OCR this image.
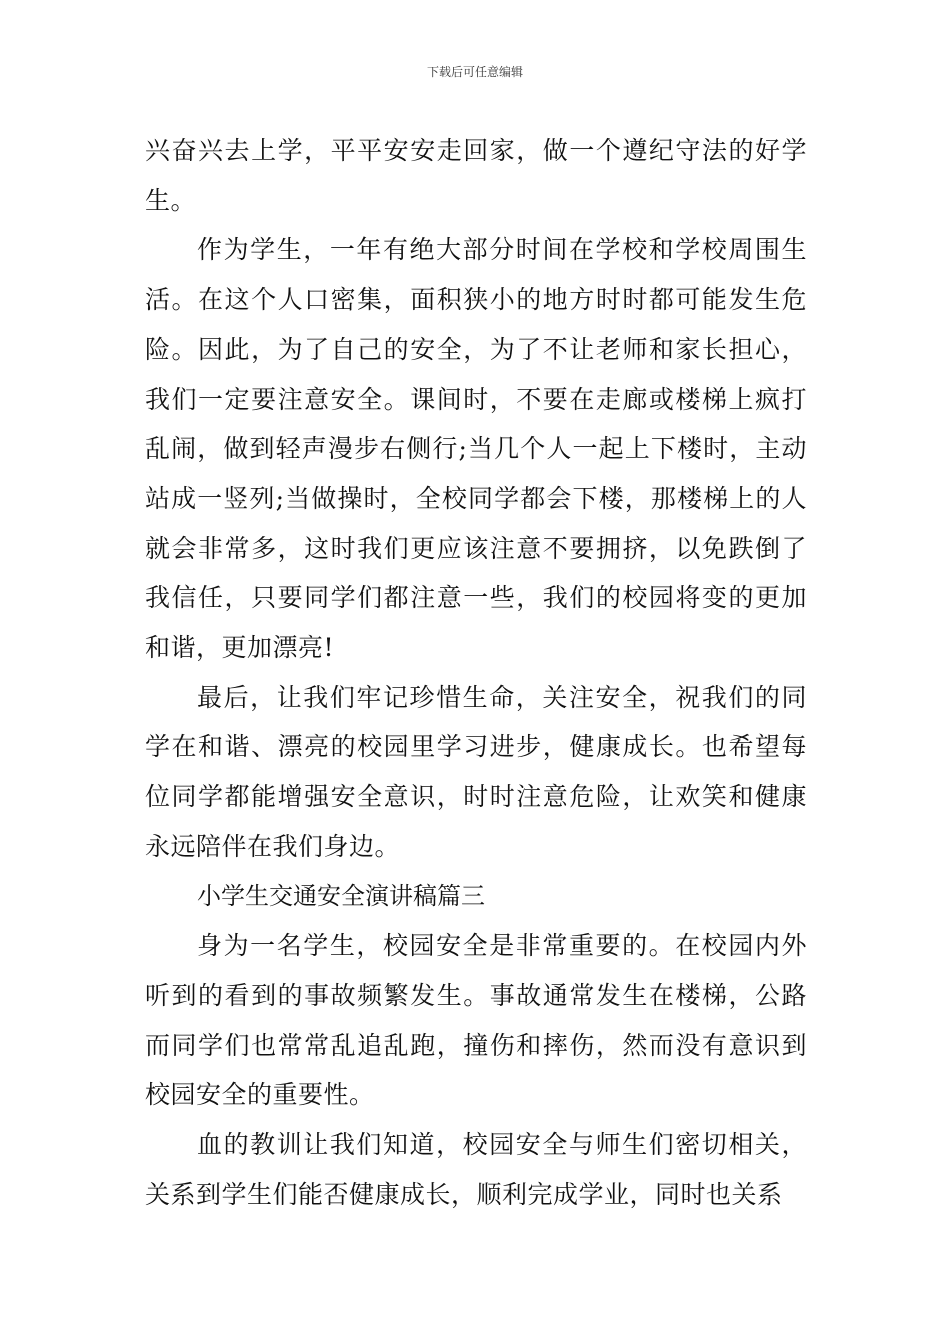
下载后可任意编辑

兴奋兴去上学，平平安安走回家，做一个遵纪守法的好学生。

作为学生，一年有绝大部分时间在学校和学校周围生活。在这个人口密集，面积狭小的地方时时都可能发生危险。因此，为了自己的安全，为了不让老师和家长担心，我们一定要注意安全。课间时，不要在走廊或楼梯上疯打乱闹，做到轻声漫步右侧行;当几个人一起上下楼时，主动站成一竖列;当做操时，全校同学都会下楼，那楼梯上的人就会非常多，这时我们更应该注意不要拥挤，以免跌倒了我信任，只要同学们都注意一些，我们的校园将变的更加和谐，更加漂亮!

最后，让我们牢记珍惜生命，关注安全，祝我们的同学在和谐、漂亮的校园里学习进步，健康成长。也希望每位同学都能增强安全意识，时时注意危险，让欢笑和健康永远陪伴在我们身边。

小学生交通安全演讲稿篇三

身为一名学生，校园安全是非常重要的。在校园内外听到的看到的事故频繁发生。事故通常发生在楼梯，公路而同学们也常常乱追乱跑，撞伤和摔伤，然而没有意识到校园安全的重要性。

血的教训让我们知道，校园安全与师生们密切相关，关系到学生们能否健康成长，顺利完成学业，同时也关系
